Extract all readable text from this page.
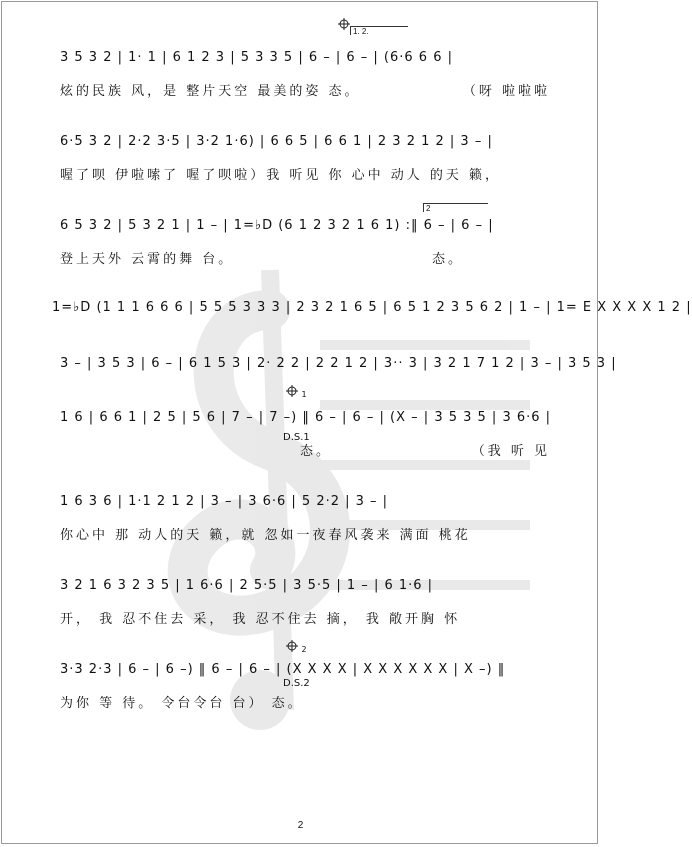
1. 2.
2
1
D.S.1
2
D.S.2
3 5 3 2 | 1· 1 | 6 1 2 3 | 5 3 3 5 | 6 – | 6 – | (6·6 6 6 |
炫的民族 风，是 整片天空 最美的姿 态。	（呀 啦啦啦
6·5 3 2 | 2·2 3·5 | 3·2 1·6) | 6 6 5 | 6 6 1 | 2 3 2 1 2 | 3 – |
喔了呗 伊啦嗦了 喔了呗啦）我 听见 你 心中 动人 的天 籁，
6 5 3 2 | 5 3 2 1 | 1 – | 1=♭D (6 1 2 3 2 1 6 1) :‖ 6 – | 6 – |
登上天外 云霄的舞 台。	态。
1=♭D (1 1 1 6 6 6 | 5 5 5 3 3 3 | 2 3 2 1 6 5 | 6 5 1 2 3 5 6 2 | 1 – | 1= E X X X X 1 2 |
3 – | 3 5 3 | 6 – | 6 1 5 3 | 2· 2 2 | 2 2 1 2 | 3·· 3 | 3 2 1 7 1 2 | 3 – | 3 5 3 |
1 6 | 6 6 1 | 2 5 | 5 6 | 7 – | 7 –) ‖ 6 – | 6 – | (X – | 3 5 3 5 | 3 6·6 |
态。	（我 听 见
1 6 3 6 | 1·1 2 1 2 | 3 – | 3 6·6 | 5 2·2 | 3 – |
你心中 那 动人的天 籁，就 忽如一夜春风袭来 满面 桃花
3 2 1 6 3 2 3 5 | 1 6·6 | 2 5·5 | 3 5·5 | 1 – | 6 1·6 |
开， 我 忍不住去 采， 我 忍不住去 摘， 我 敞开胸 怀
3·3 2·3 | 6 – | 6 –) ‖ 6 – | 6 – | (X X X X | X X X X X X | X –) ‖
为你 等 待。 令台令台 台） 态。
2
